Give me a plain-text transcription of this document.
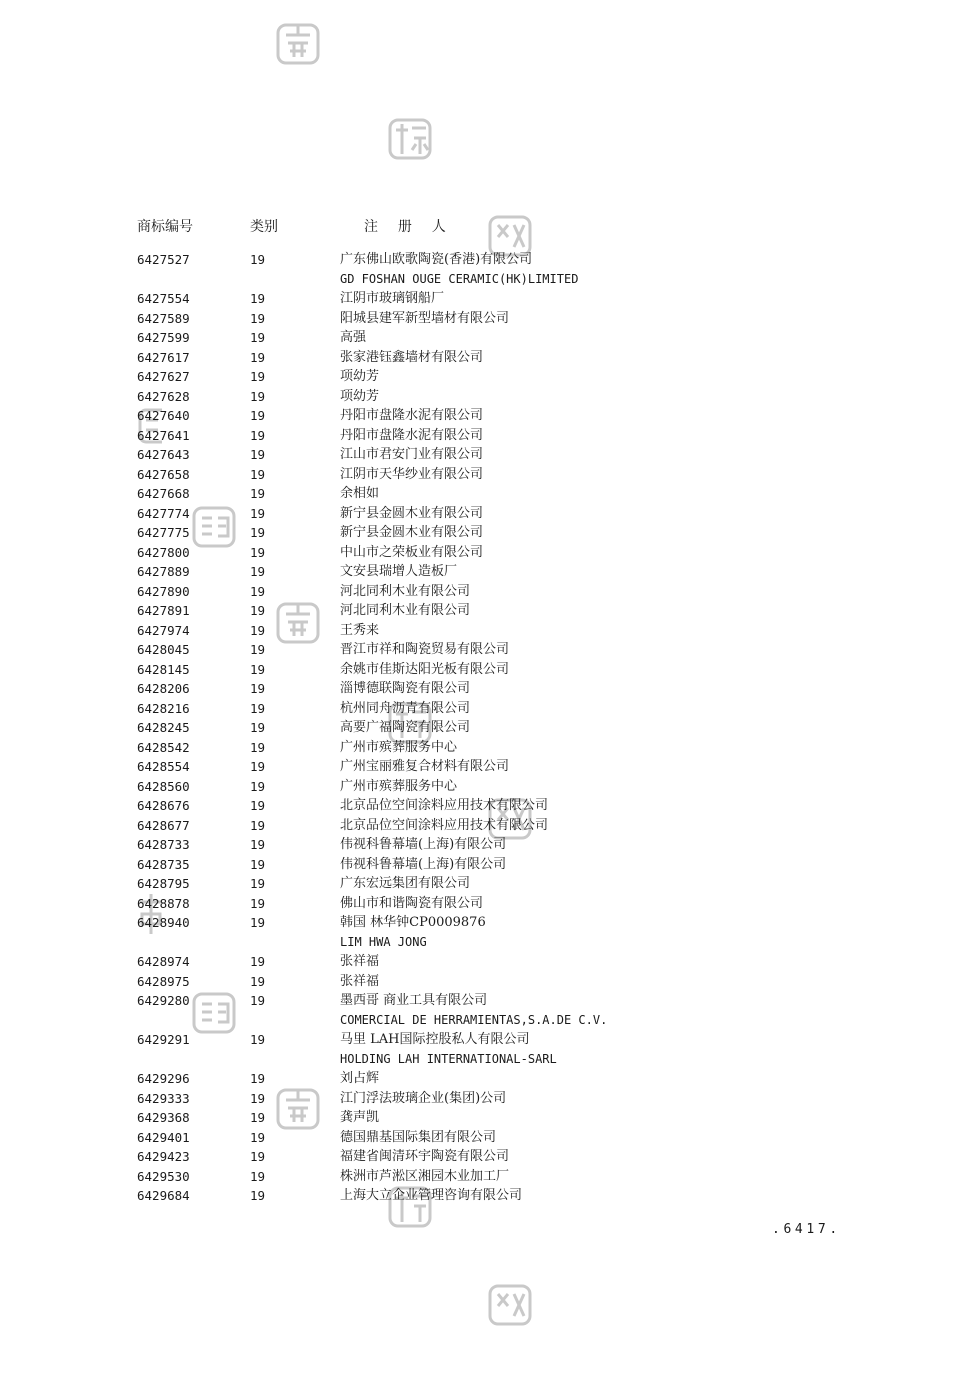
商标编号	类别	注 册 人
6427527	19	广东佛山欧歌陶瓷(香港)有限公司
GD FOSHAN OUGE CERAMIC(HK)LIMITED
6427554	19	江阴市玻璃钢船厂
6427589	19	阳城县建军新型墙材有限公司
6427599	19	高强
6427617	19	张家港钰鑫墙材有限公司
6427627	19	项幼芳
6427628	19	项幼芳
6427640	19	丹阳市盘隆水泥有限公司
6427641	19	丹阳市盘隆水泥有限公司
6427643	19	江山市君安门业有限公司
6427658	19	江阴市天华纱业有限公司
6427668	19	余相如
6427774	19	新宁县金圆木业有限公司
6427775	19	新宁县金圆木业有限公司
6427800	19	中山市之荣板业有限公司
6427889	19	文安县瑞增人造板厂
6427890	19	河北同利木业有限公司
6427891	19	河北同利木业有限公司
6427974	19	王秀来
6428045	19	晋江市祥和陶瓷贸易有限公司
6428145	19	余姚市佳斯达阳光板有限公司
6428206	19	淄博德联陶瓷有限公司
6428216	19	杭州同舟沥青有限公司
6428245	19	高要广福陶瓷有限公司
6428542	19	广州市殡葬服务中心
6428554	19	广州宝丽雅复合材料有限公司
6428560	19	广州市殡葬服务中心
6428676	19	北京品位空间涂料应用技术有限公司
6428677	19	北京品位空间涂料应用技术有限公司
6428733	19	伟视科鲁幕墙(上海)有限公司
6428735	19	伟视科鲁幕墙(上海)有限公司
6428795	19	广东宏远集团有限公司
6428878	19	佛山市和谐陶瓷有限公司
6428940	19	韩国 林华钟CP0009876
LIM HWA JONG
6428974	19	张祥福
6428975	19	张祥福
6429280	19	墨西哥 商业工具有限公司
COMERCIAL DE HERRAMIENTAS,S.A.DE C.V.
6429291	19	马里 LAH国际控股私人有限公司
HOLDING LAH INTERNATIONAL-SARL
6429296	19	刘占辉
6429333	19	江门浮法玻璃企业(集团)公司
6429368	19	龚声凯
6429401	19	德国鼎基国际集团有限公司
6429423	19	福建省闽清环宇陶瓷有限公司
6429530	19	株洲市芦淞区湘园木业加工厂
6429684	19	上海大立企业管理咨询有限公司
.6417.
